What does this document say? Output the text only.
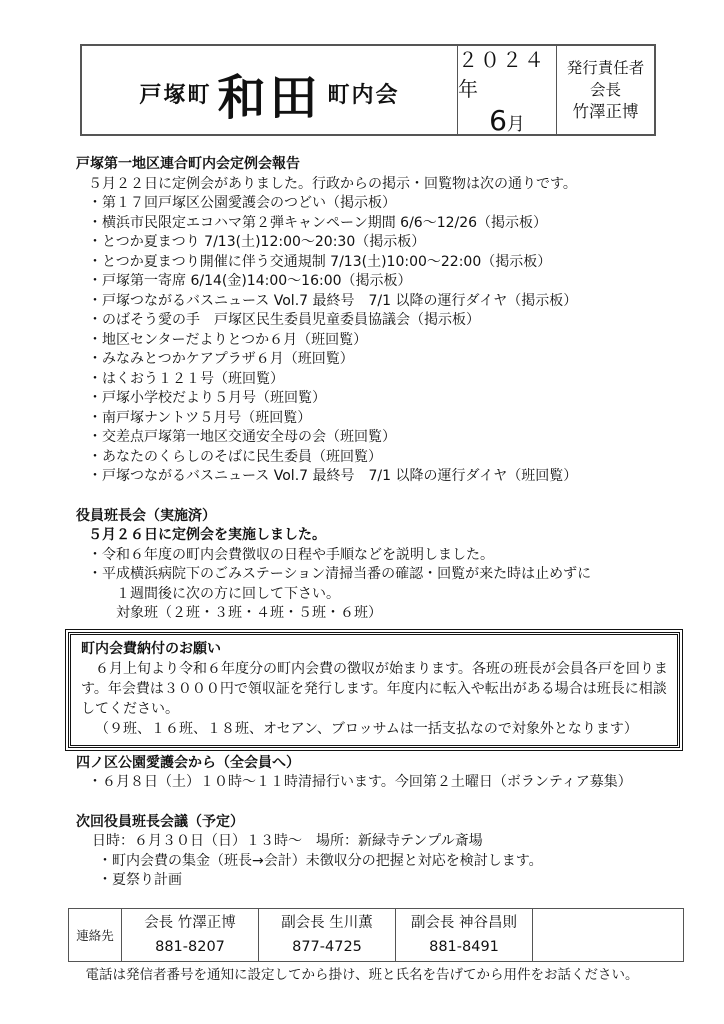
戸塚町 和田 町内会
２０２４年
6月
発行責任者
会長
竹澤正博
戸塚第一地区連合町内会定例会報告
５月２２日に定例会がありました。行政からの掲示・回覧物は次の通りです。
・第１７回戸塚区公園愛護会のつどい（掲示板）
・横浜市民限定エコハマ第２弾キャンペーン期間 6/6～12/26（掲示板）
・とつか夏まつり 7/13(土)12:00～20:30（掲示板）
・とつか夏まつり開催に伴う交通規制 7/13(土)10:00～22:00（掲示板）
・戸塚第一寄席 6/14(金)14:00～16:00（掲示板）
・戸塚つながるバスニュース Vol.7 最終号　7/1 以降の運行ダイヤ（掲示板）
・のばそう愛の手　戸塚区民生委員児童委員協議会（掲示板）
・地区センターだよりとつか６月（班回覧）
・みなみとつかケアプラザ６月（班回覧）
・はくおう１２１号（班回覧）
・戸塚小学校だより５月号（班回覧）
・南戸塚ナントツ５月号（班回覧）
・交差点戸塚第一地区交通安全母の会（班回覧）
・あなたのくらしのそばに民生委員（班回覧）
・戸塚つながるバスニュース Vol.7 最終号　7/1 以降の運行ダイヤ（班回覧）
役員班長会（実施済）
５月２６日に定例会を実施しました。
・令和６年度の町内会費徴収の日程や手順などを説明しました。
・平成横浜病院下のごみステーション清掃当番の確認・回覧が来た時は止めずに
１週間後に次の方に回して下さい。
対象班（２班・３班・４班・５班・６班）
町内会費納付のお願い

６月上旬より令和６年度分の町内会費の徴収が始まります。各班の班長が会員各戸を回ります。年会費は３０００円で領収証を発行します。年度内に転入や転出がある場合は班長に相談してください。

（９班、１６班、１８班、オセアン、ブロッサムは一括支払なので対象外となります）

四ノ区公園愛護会から（全会員へ）
・６月８日（土）１０時～１１時清掃行います。今回第２土曜日（ボランティア募集）
次回役員班長会議（予定）
日時：６月３０日（日）１３時～　場所：新緑寺テンプル斎場
・町内会費の集金（班長→会計）未徴収分の把握と対応を検討します。
・夏祭り計画
連絡先
会長 竹澤正博
881-8207
副会長 生川薫
877-4725
副会長 神谷昌則
881-8491
電話は発信者番号を通知に設定してから掛け、班と氏名を告げてから用件をお話ください。
